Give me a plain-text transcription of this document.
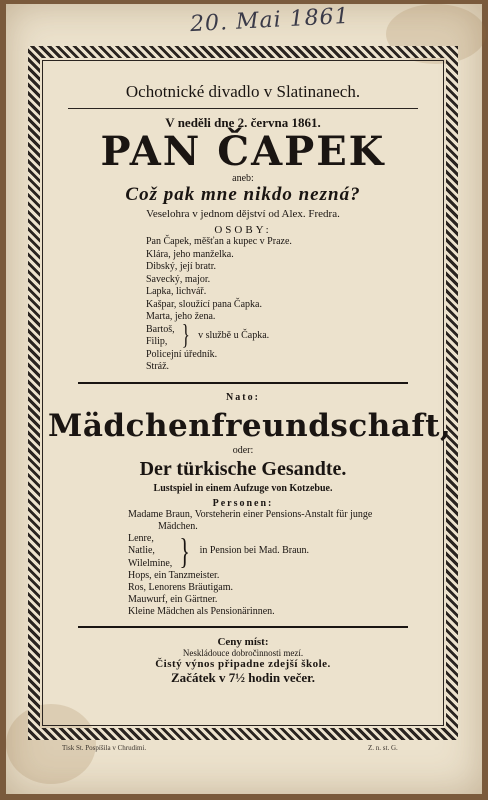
20. Mai 1861
Ochotnické divadlo v Slatinanech.
V neděli dne 2. června 1861.
PAN ČAPEK
aneb:
Což pak mne nikdo nezná?
Veselohra v jednom dějství od Alex. Fredra.
OSOBY:
Pan Čapek, měšťan a kupec v Praze.
Klára, jeho manželka.
Dibský, její bratr.
Savecký, major.
Lapka, lichvář.
Kašpar, sloužící pana Čapka.
Marta, jeho žena.
Bartoš,
Filip, } v službě u Čapka.
Policejní úředník.
Stráž.
Nato:
Mädchenfreundschaft,
oder:
Der türkische Gesandte.
Lustspiel in einem Aufzuge von Kotzebue.
Personen:
Madame Braun, Vorsteherin einer Pensions-Anstalt für junge
Mädchen.
Lenre,
Natlie,
Wilelmine, } in Pension bei Mad. Braun.
Hops, ein Tanzmeister.
Ros, Lenorens Bräutigam.
Mauwurf, ein Gärtner.
Kleine Mädchen als Pensionärinnen.
Ceny míst:
Neskládouce dobročinnosti mezí.
Čistý výnos připadne zdejší škole.
Začátek v 7½ hodin večer.
Tisk St. Pospíšila v Chrudimi.	Z. n. st. G.
